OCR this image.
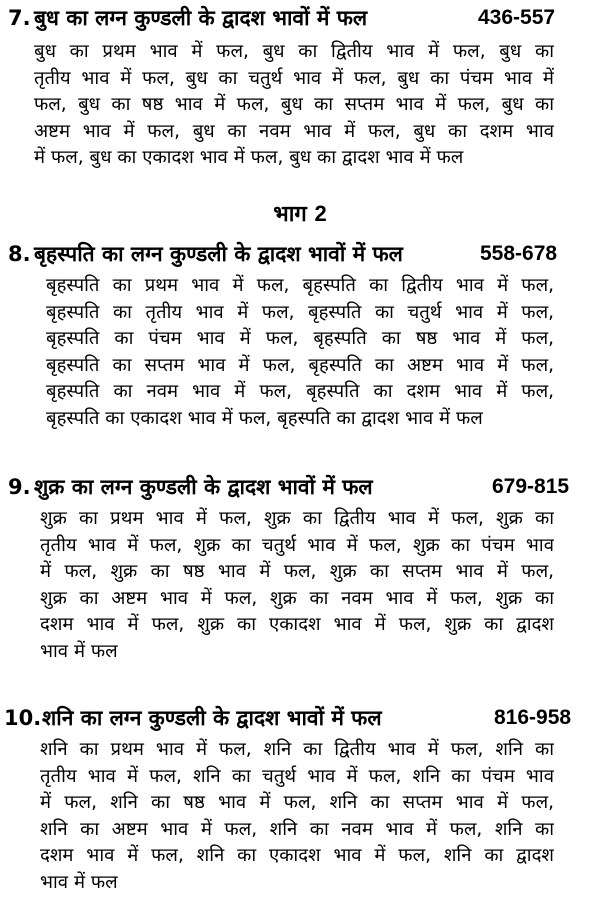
7. बुध का लग्न कुण्डली के द्वादश भावों में फल	436-557
बुध का प्रथम भाव में फल, बुध का द्वितीय भाव में फल, बुध का
तृतीय भाव में फल, बुध का चतुर्थ भाव में फल, बुध का पंचम भाव में
फल, बुध का षष्ठ भाव में फल, बुध का सप्तम भाव में फल, बुध का
अष्टम भाव में फल, बुध का नवम भाव में फल, बुध का दशम भाव
में फल, बुध का एकादश भाव में फल, बुध का द्वादश भाव में फल
भाग 2
8. बृहस्पति का लग्न कुण्डली के द्वादश भावों में फल	558-678
बृहस्पति का प्रथम भाव में फल, बृहस्पति का द्वितीय भाव में फल,
बृहस्पति का तृतीय भाव में फल, बृहस्पति का चतुर्थ भाव में फल,
बृहस्पति का पंचम भाव में फल, बृहस्पति का षष्ठ भाव में फल,
बृहस्पति का सप्तम भाव में फल, बृहस्पति का अष्टम भाव में फल,
बृहस्पति का नवम भाव में फल, बृहस्पति का दशम भाव में फल,
बृहस्पति का एकादश भाव में फल, बृहस्पति का द्वादश भाव में फल
9. शुक्र का लग्न कुण्डली के द्वादश भावों में फल	679-815
शुक्र का प्रथम भाव में फल, शुक्र का द्वितीय भाव में फल, शुक्र का
तृतीय भाव में फल, शुक्र का चतुर्थ भाव में फल, शुक्र का पंचम भाव
में फल, शुक्र का षष्ठ भाव में फल, शुक्र का सप्तम भाव में फल,
शुक्र का अष्टम भाव में फल, शुक्र का नवम भाव में फल, शुक्र का
दशम भाव में फल, शुक्र का एकादश भाव में फल, शुक्र का द्वादश
भाव में फल
10. शनि का लग्न कुण्डली के द्वादश भावों में फल	816-958
शनि का प्रथम भाव में फल, शनि का द्वितीय भाव में फल, शनि का
तृतीय भाव में फल, शनि का चतुर्थ भाव में फल, शनि का पंचम भाव
में फल, शनि का षष्ठ भाव में फल, शनि का सप्तम भाव में फल,
शनि का अष्टम भाव में फल, शनि का नवम भाव में फल, शनि का
दशम भाव में फल, शनि का एकादश भाव में फल, शनि का द्वादश
भाव में फल
